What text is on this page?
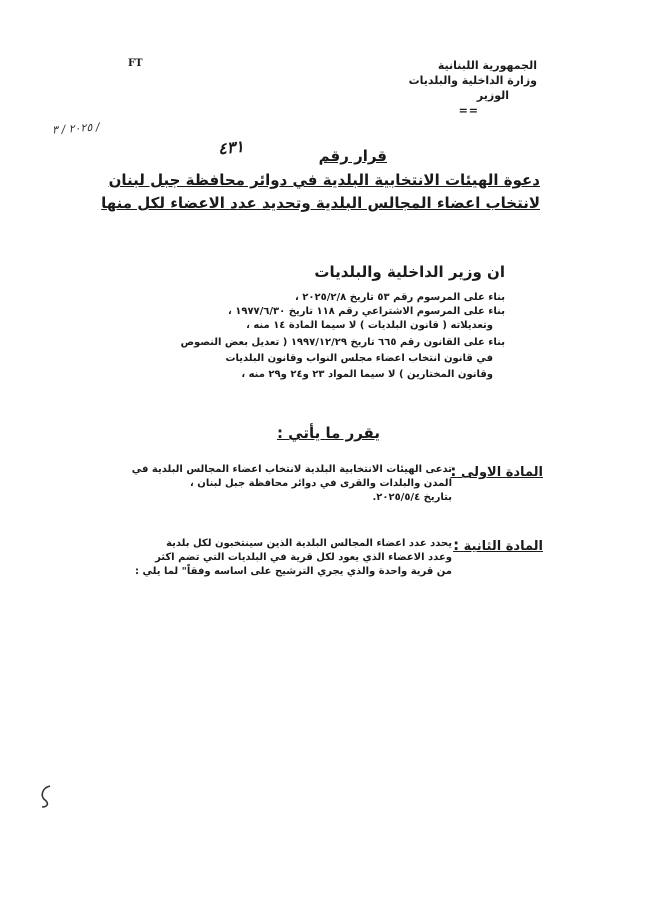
الجمهورية اللبنانية
وزارة الداخلية والبلديات
الوزير
==
FT
٢٠٢٥ / ٣ /
قرار رقم
٤٣١
دعوة الهيئات الانتخابية البلدية في دوائر محافظة جبل لبنان
لانتخاب اعضاء المجالس البلدية وتحديد عدد الاعضاء لكل منها
ان وزير الداخلية والبلديات
بناء على المرسوم رقم ٥٣ تاريخ ٢٠٢٥/٢/٨ ،
بناء على المرسوم الاشتراعي رقم ١١٨ تاريخ ١٩٧٧/٦/٣٠ ،
وتعديلاته ( قانون البلديات ) لا سيما المادة ١٤ منه ،
بناء على القانون رقم ٦٦٥ تاريخ ١٩٩٧/١٢/٢٩ ( تعديل بعض النصوص
في قانون انتخاب اعضاء مجلس النواب وقانون البلديات
وقانون المختارين ) لا سيما المواد ٢٣ و٢٤ و٢٩ منه ،
يقرر ما يأتي :
المادة الاولى :
تدعى الهيئات الانتخابية البلدية لانتخاب اعضاء المجالس البلدية في
المدن والبلدات والقرى في دوائر محافظة جبل لبنان ،
بتاريخ ٢٠٢٥/٥/٤.
المادة الثانية :
يحدد عدد اعضاء المجالس البلدية الذين سينتخبون لكل بلدية
وعدد الاعضاء الذي يعود لكل قرية في البلديات التي تضم اكثر
من قرية واحدة والذي يجري الترشيح على اساسه وفقاً" لما يلي :
